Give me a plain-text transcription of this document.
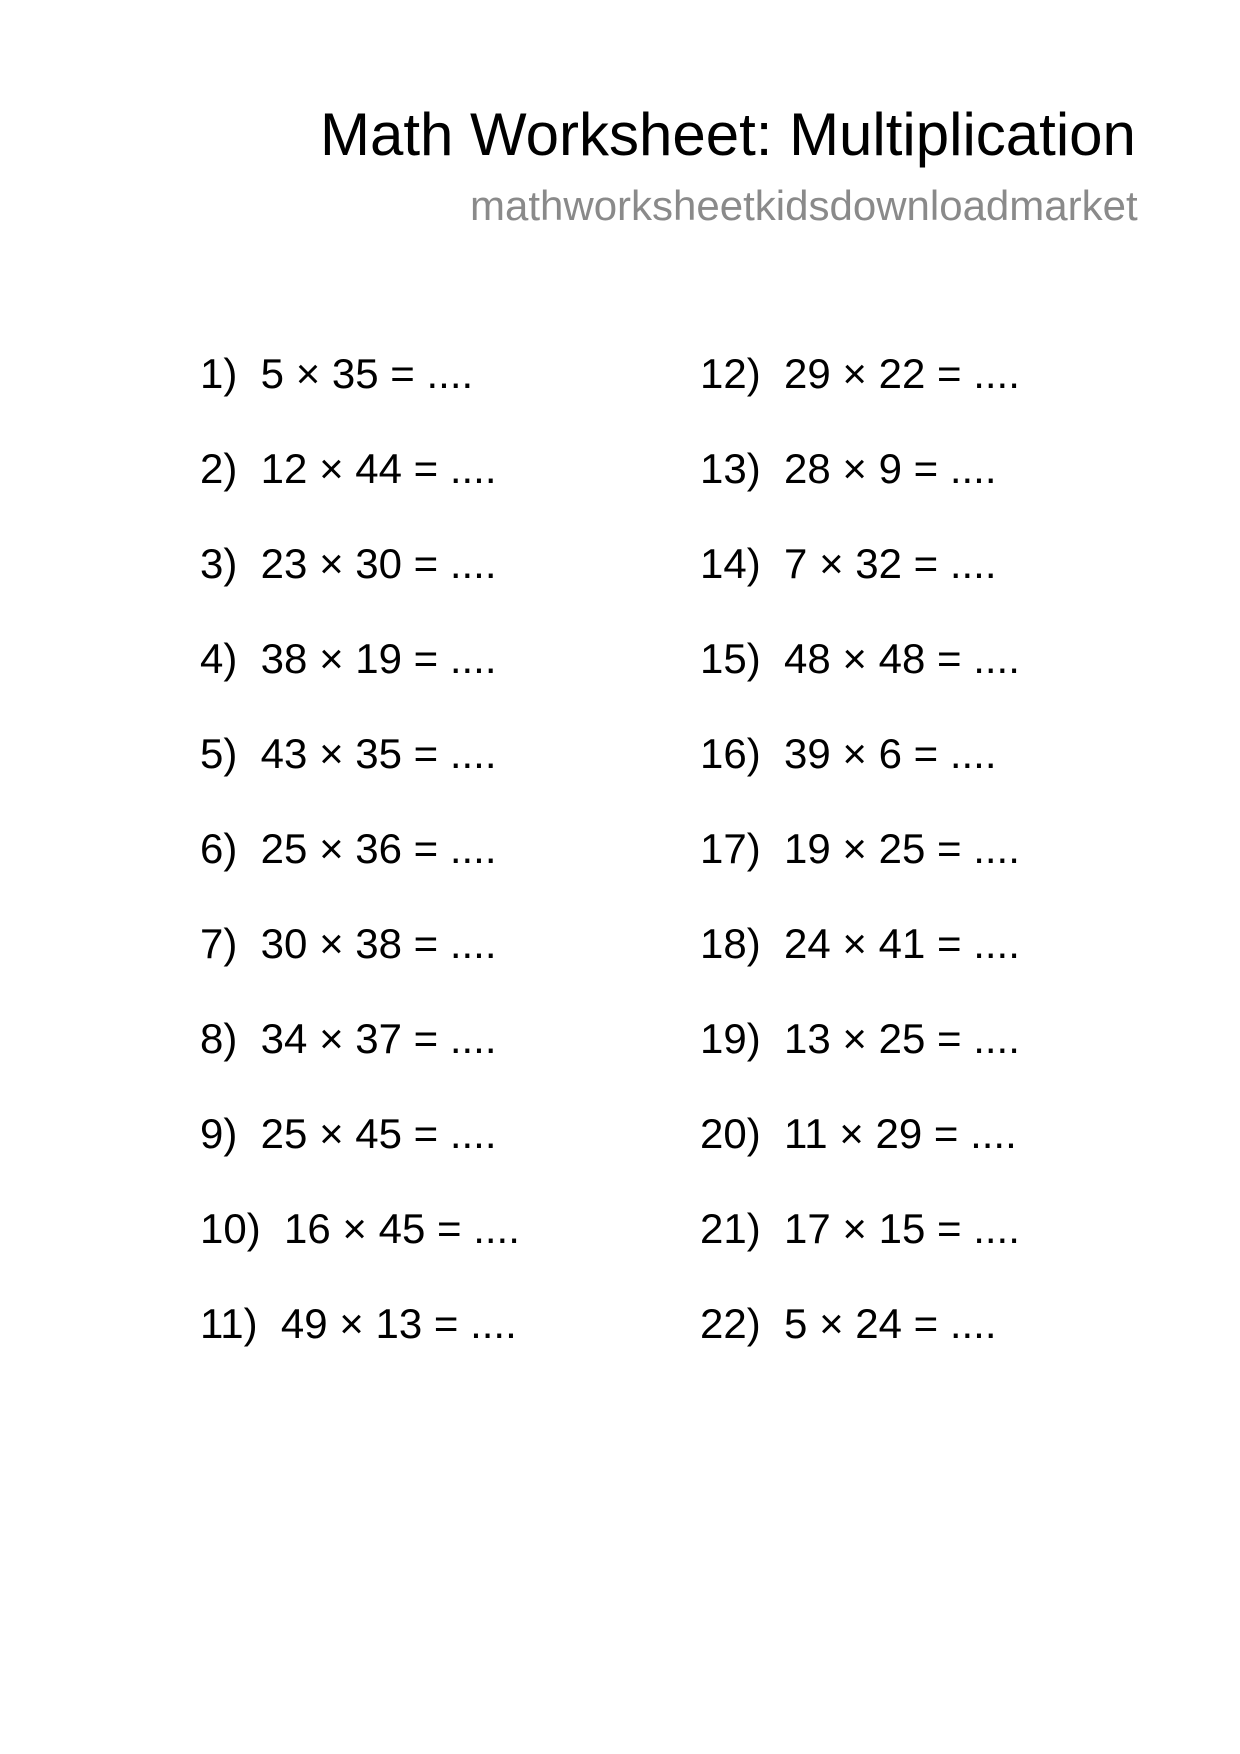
Math Worksheet: Multiplication
mathworksheetkidsdownloadmarket
1)  5 × 35 = ....
2)  12 × 44 = ....
3)  23 × 30 = ....
4)  38 × 19 = ....
5)  43 × 35 = ....
6)  25 × 36 = ....
7)  30 × 38 = ....
8)  34 × 37 = ....
9)  25 × 45 = ....
10)  16 × 45 = ....
11)  49 × 13 = ....
12)  29 × 22 = ....
13)  28 × 9 = ....
14)  7 × 32 = ....
15)  48 × 48 = ....
16)  39 × 6 = ....
17)  19 × 25 = ....
18)  24 × 41 = ....
19)  13 × 25 = ....
20)  11 × 29 = ....
21)  17 × 15 = ....
22)  5 × 24 = ....
